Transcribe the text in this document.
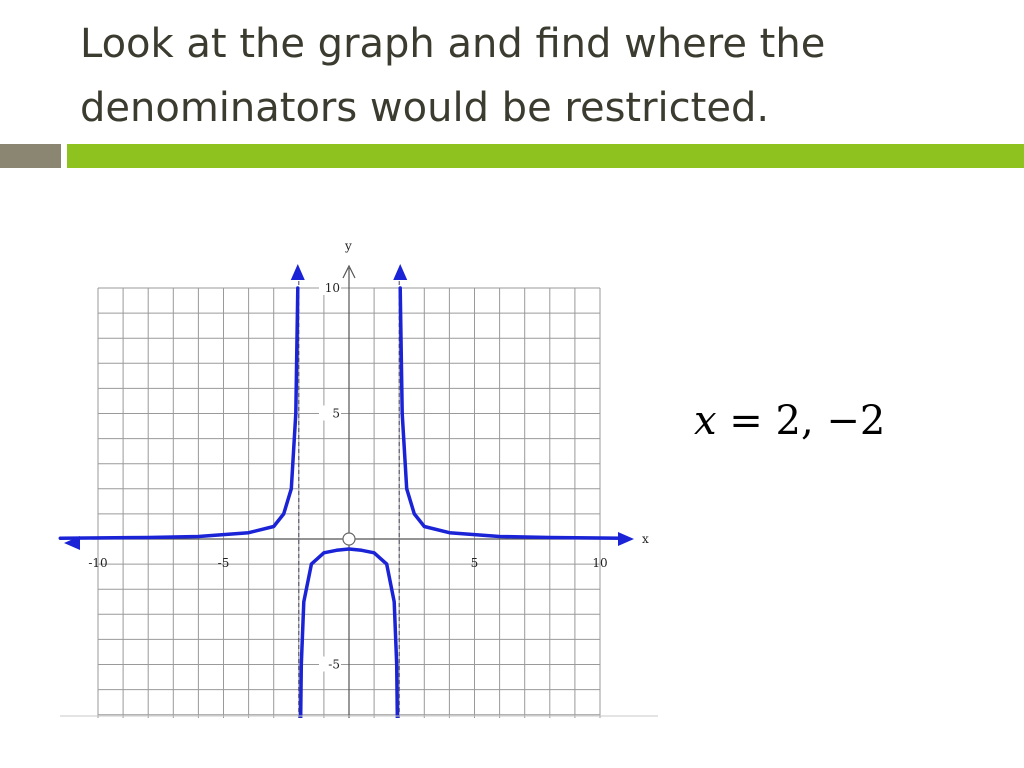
Look at the graph and find where the denominators would be restricted.
x
y
-10	-5	5	10
10
5
-5
x = 2, −2
